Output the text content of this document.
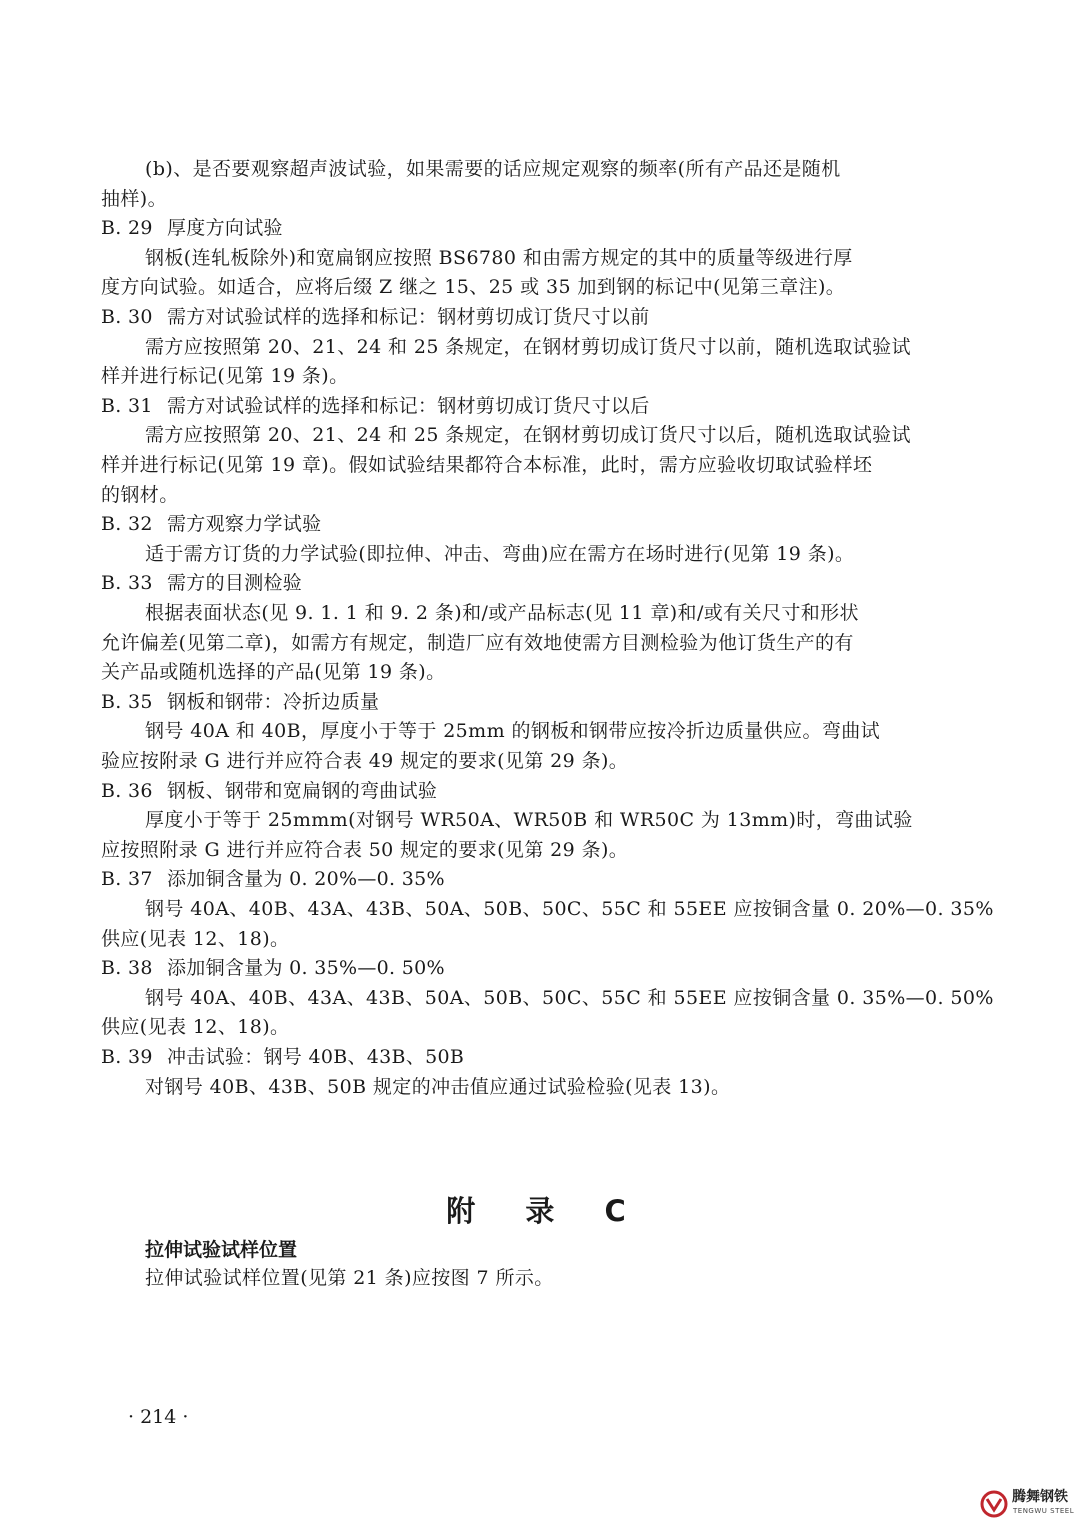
(b)、是否要观察超声波试验，如果需要的话应规定观察的频率(所有产品还是随机
抽样)。
B. 29 厚度方向试验
钢板(连轧板除外)和宽扁钢应按照 BS6780 和由需方规定的其中的质量等级进行厚
度方向试验。如适合，应将后缀 Z 继之 15、25 或 35 加到钢的标记中(见第三章注)。
B. 30 需方对试验试样的选择和标记：钢材剪切成订货尺寸以前
需方应按照第 20、21、24 和 25 条规定，在钢材剪切成订货尺寸以前，随机选取试验试
样并进行标记(见第 19 条)。
B. 31 需方对试验试样的选择和标记：钢材剪切成订货尺寸以后
需方应按照第 20、21、24 和 25 条规定，在钢材剪切成订货尺寸以后，随机选取试验试
样并进行标记(见第 19 章)。假如试验结果都符合本标准，此时，需方应验收切取试验样坯
的钢材。
B. 32 需方观察力学试验
适于需方订货的力学试验(即拉伸、冲击、弯曲)应在需方在场时进行(见第 19 条)。
B. 33 需方的目测检验
根据表面状态(见 9. 1. 1 和 9. 2 条)和/或产品标志(见 11 章)和/或有关尺寸和形状
允许偏差(见第二章)，如需方有规定，制造厂应有效地使需方目测检验为他订货生产的有
关产品或随机选择的产品(见第 19 条)。
B. 35 钢板和钢带：冷折边质量
钢号 40A 和 40B，厚度小于等于 25mm 的钢板和钢带应按冷折边质量供应。弯曲试
验应按附录 G 进行并应符合表 49 规定的要求(见第 29 条)。
B. 36 钢板、钢带和宽扁钢的弯曲试验
厚度小于等于 25mmm(对钢号 WR50A、WR50B 和 WR50C 为 13mm)时，弯曲试验
应按照附录 G 进行并应符合表 50 规定的要求(见第 29 条)。
B. 37 添加铜含量为 0. 20%—0. 35%
钢号 40A、40B、43A、43B、50A、50B、50C、55C 和 55EE 应按铜含量 0. 20%—0. 35%
供应(见表 12、18)。
B. 38 添加铜含量为 0. 35%—0. 50%
钢号 40A、40B、43A、43B、50A、50B、50C、55C 和 55EE 应按铜含量 0. 35%—0. 50%
供应(见表 12、18)。
B. 39 冲击试验：钢号 40B、43B、50B
对钢号 40B、43B、50B 规定的冲击值应通过试验检验(见表 13)。
附 录 C
拉伸试验试样位置
拉伸试验试样位置(见第 21 条)应按图 7 所示。
· 214 ·
腾舞钢铁
TENGWU STEEL
